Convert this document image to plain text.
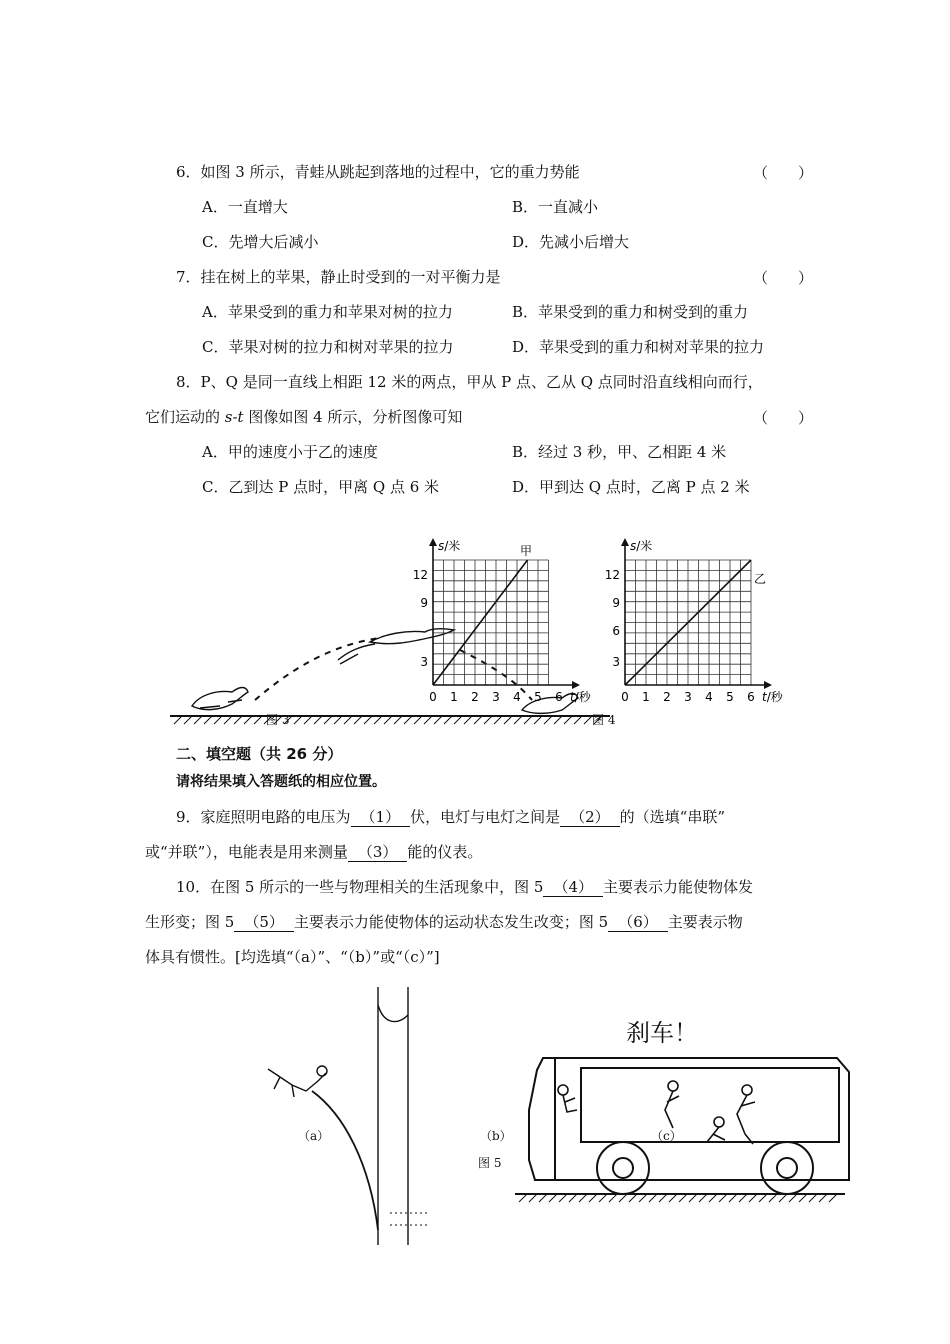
6．如图 3 所示，青蛙从跳起到落地的过程中，它的重力势能	（　　）
A．一直增大	B．一直减小
C．先增大后减小	D．先减小后增大
7．挂在树上的苹果，静止时受到的一对平衡力是	（　　）
A．苹果受到的重力和苹果对树的拉力	B．苹果受到的重力和树受到的重力
C．苹果对树的拉力和树对苹果的拉力	D．苹果受到的重力和树对苹果的拉力
8．P、Q 是同一直线上相距 12 米的两点，甲从 P 点、乙从 Q 点同时沿直线相向而行，
它们运动的 s-t 图像如图 4 所示，分析图像可知	（　　）
A．甲的速度小于乙的速度	B．经过 3 秒，甲、乙相距 4 米
C．乙到达 P 点时，甲离 Q 点 6 米	D．甲到达 Q 点时，乙离 P 点 2 米
图 3
s/米	甲
12
9
3
0 1 2 3 4 5 6 t/秒
s/米
乙
12
9
6
3
0 1 2 3 4 5 6 t/秒
图 4
二、填空题（共 26 分）
请将结果填入答题纸的相应位置。
9．家庭照明电路的电压为 （1） 伏，电灯与电灯之间是 （2） 的（选填“串联”
或“并联”），电能表是用来测量 （3） 能的仪表。
10．在图 5 所示的一些与物理相关的生活现象中，图 5 （4） 主要表示力能使物体发
生形变；图 5 （5） 主要表示力能使物体的运动状态发生改变；图 5 （6） 主要表示物
体具有惯性。[均选填“（a）”、“（b）”或“（c）”]
（a）	（b）
图 5
刹车！
（c）
